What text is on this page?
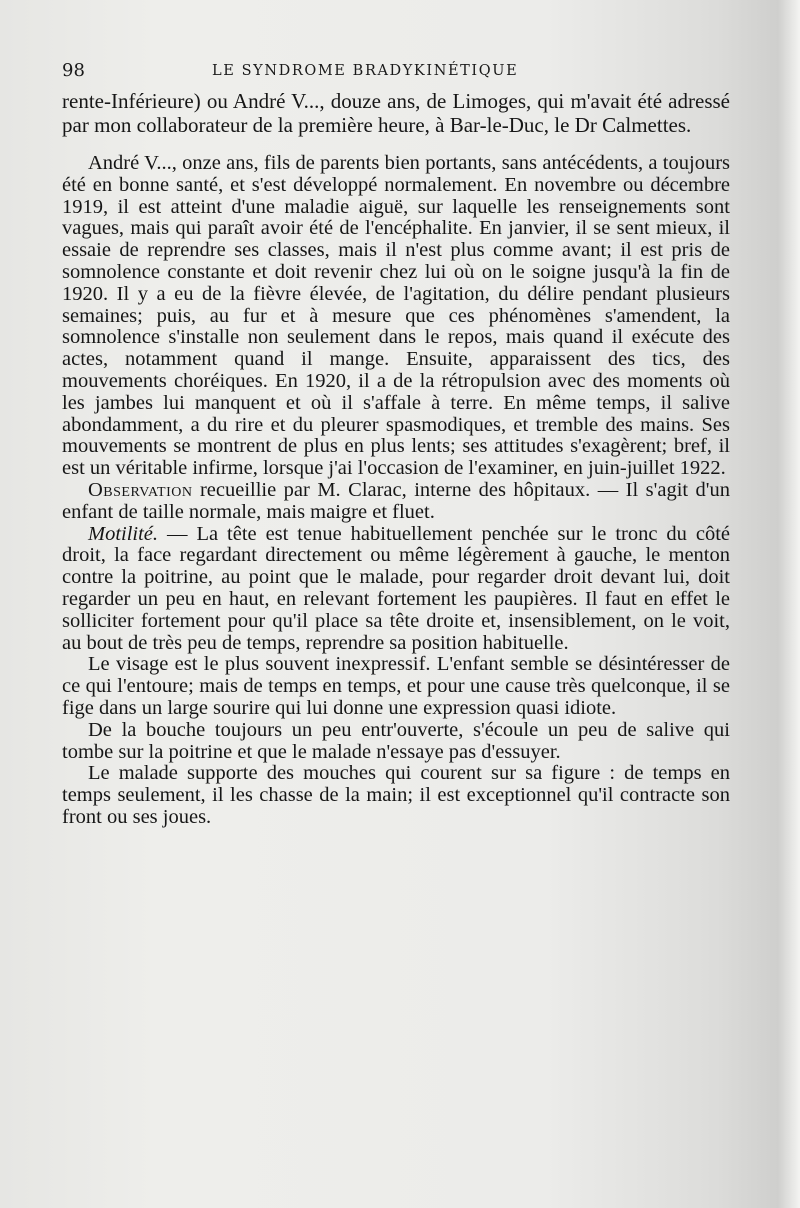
98	LE SYNDROME BRADYKINÉTIQUE

rente-Inférieure) ou André V..., douze ans, de Limoges, qui m'avait été adressé par mon collaborateur de la première heure, à Bar-le-Duc, le Dr Calmettes.

André V..., onze ans, fils de parents bien portants, sans antécédents, a toujours été en bonne santé, et s'est développé normalement. En novembre ou décembre 1919, il est atteint d'une maladie aiguë, sur laquelle les renseignements sont vagues, mais qui paraît avoir été de l'encéphalite. En janvier, il se sent mieux, il essaie de reprendre ses classes, mais il n'est plus comme avant; il est pris de somnolence constante et doit revenir chez lui où on le soigne jusqu'à la fin de 1920. Il y a eu de la fièvre élevée, de l'agitation, du délire pendant plusieurs semaines; puis, au fur et à mesure que ces phénomènes s'amendent, la somnolence s'installe non seulement dans le repos, mais quand il exécute des actes, notamment quand il mange. Ensuite, apparaissent des tics, des mouvements choréiques. En 1920, il a de la rétropulsion avec des moments où les jambes lui manquent et où il s'affale à terre. En même temps, il salive abondamment, a du rire et du pleurer spasmodiques, et tremble des mains. Ses mouvements se montrent de plus en plus lents; ses attitudes s'exagèrent; bref, il est un véritable infirme, lorsque j'ai l'occasion de l'examiner, en juin-juillet 1922.

Observation recueillie par M. Clarac, interne des hôpitaux. — Il s'agit d'un enfant de taille normale, mais maigre et fluet.

Motilité. — La tête est tenue habituellement penchée sur le tronc du côté droit, la face regardant directement ou même légèrement à gauche, le menton contre la poitrine, au point que le malade, pour regarder droit devant lui, doit regarder un peu en haut, en relevant fortement les paupières. Il faut en effet le solliciter fortement pour qu'il place sa tête droite et, insensiblement, on le voit, au bout de très peu de temps, reprendre sa position habituelle.

Le visage est le plus souvent inexpressif. L'enfant semble se désintéresser de ce qui l'entoure; mais de temps en temps, et pour une cause très quelconque, il se fige dans un large sourire qui lui donne une expression quasi idiote.

De la bouche toujours un peu entr'ouverte, s'écoule un peu de salive qui tombe sur la poitrine et que le malade n'essaye pas d'essuyer.

Le malade supporte des mouches qui courent sur sa figure : de temps en temps seulement, il les chasse de la main; il est exceptionnel qu'il contracte son front ou ses joues.
